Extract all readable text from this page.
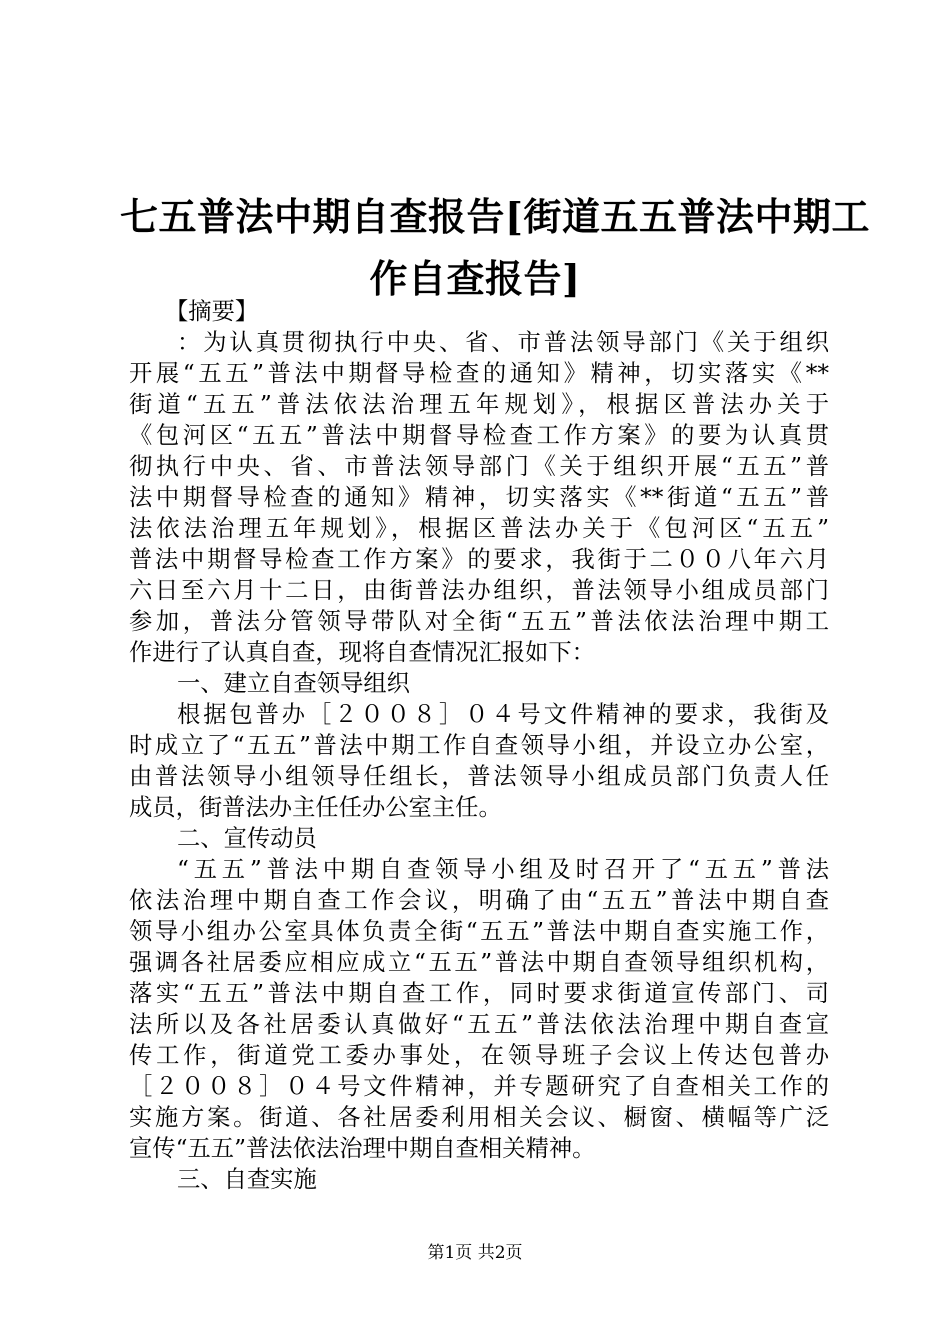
七五普法中期自查报告[街道五五普法中期工
作自查报告]
【摘要】
：为认真贯彻执行中央、省、市普法领导部门《关于组织
开展“五五”普法中期督导检查的通知》精神，切实落实《**
街道“五五”普法依法治理五年规划》，根据区普法办关于
《包河区“五五”普法中期督导检查工作方案》的要为认真贯
彻执行中央、省、市普法领导部门《关于组织开展“五五”普
法中期督导检查的通知》精神，切实落实《**街道“五五”普
法依法治理五年规划》，根据区普法办关于《包河区“五五”
普法中期督导检查工作方案》的要求，我街于二００八年六月
六日至六月十二日，由街普法办组织，普法领导小组成员部门
参加，普法分管领导带队对全街“五五”普法依法治理中期工
作进行了认真自查，现将自查情况汇报如下：
一、建立自查领导组织
根据包普办［２００８］０４号文件精神的要求，我街及
时成立了“五五”普法中期工作自查领导小组，并设立办公室，
由普法领导小组领导任组长，普法领导小组成员部门负责人任
成员，街普法办主任任办公室主任。
二、宣传动员
“五五”普法中期自查领导小组及时召开了“五五”普法
依法治理中期自查工作会议，明确了由“五五”普法中期自查
领导小组办公室具体负责全街“五五”普法中期自查实施工作，
强调各社居委应相应成立“五五”普法中期自查领导组织机构，
落实“五五”普法中期自查工作，同时要求街道宣传部门、司
法所以及各社居委认真做好“五五”普法依法治理中期自查宣
传工作，街道党工委办事处，在领导班子会议上传达包普办
［２００８］０４号文件精神，并专题研究了自查相关工作的
实施方案。街道、各社居委利用相关会议、橱窗、横幅等广泛
宣传“五五”普法依法治理中期自查相关精神。
三、自查实施
第1页 共2页
